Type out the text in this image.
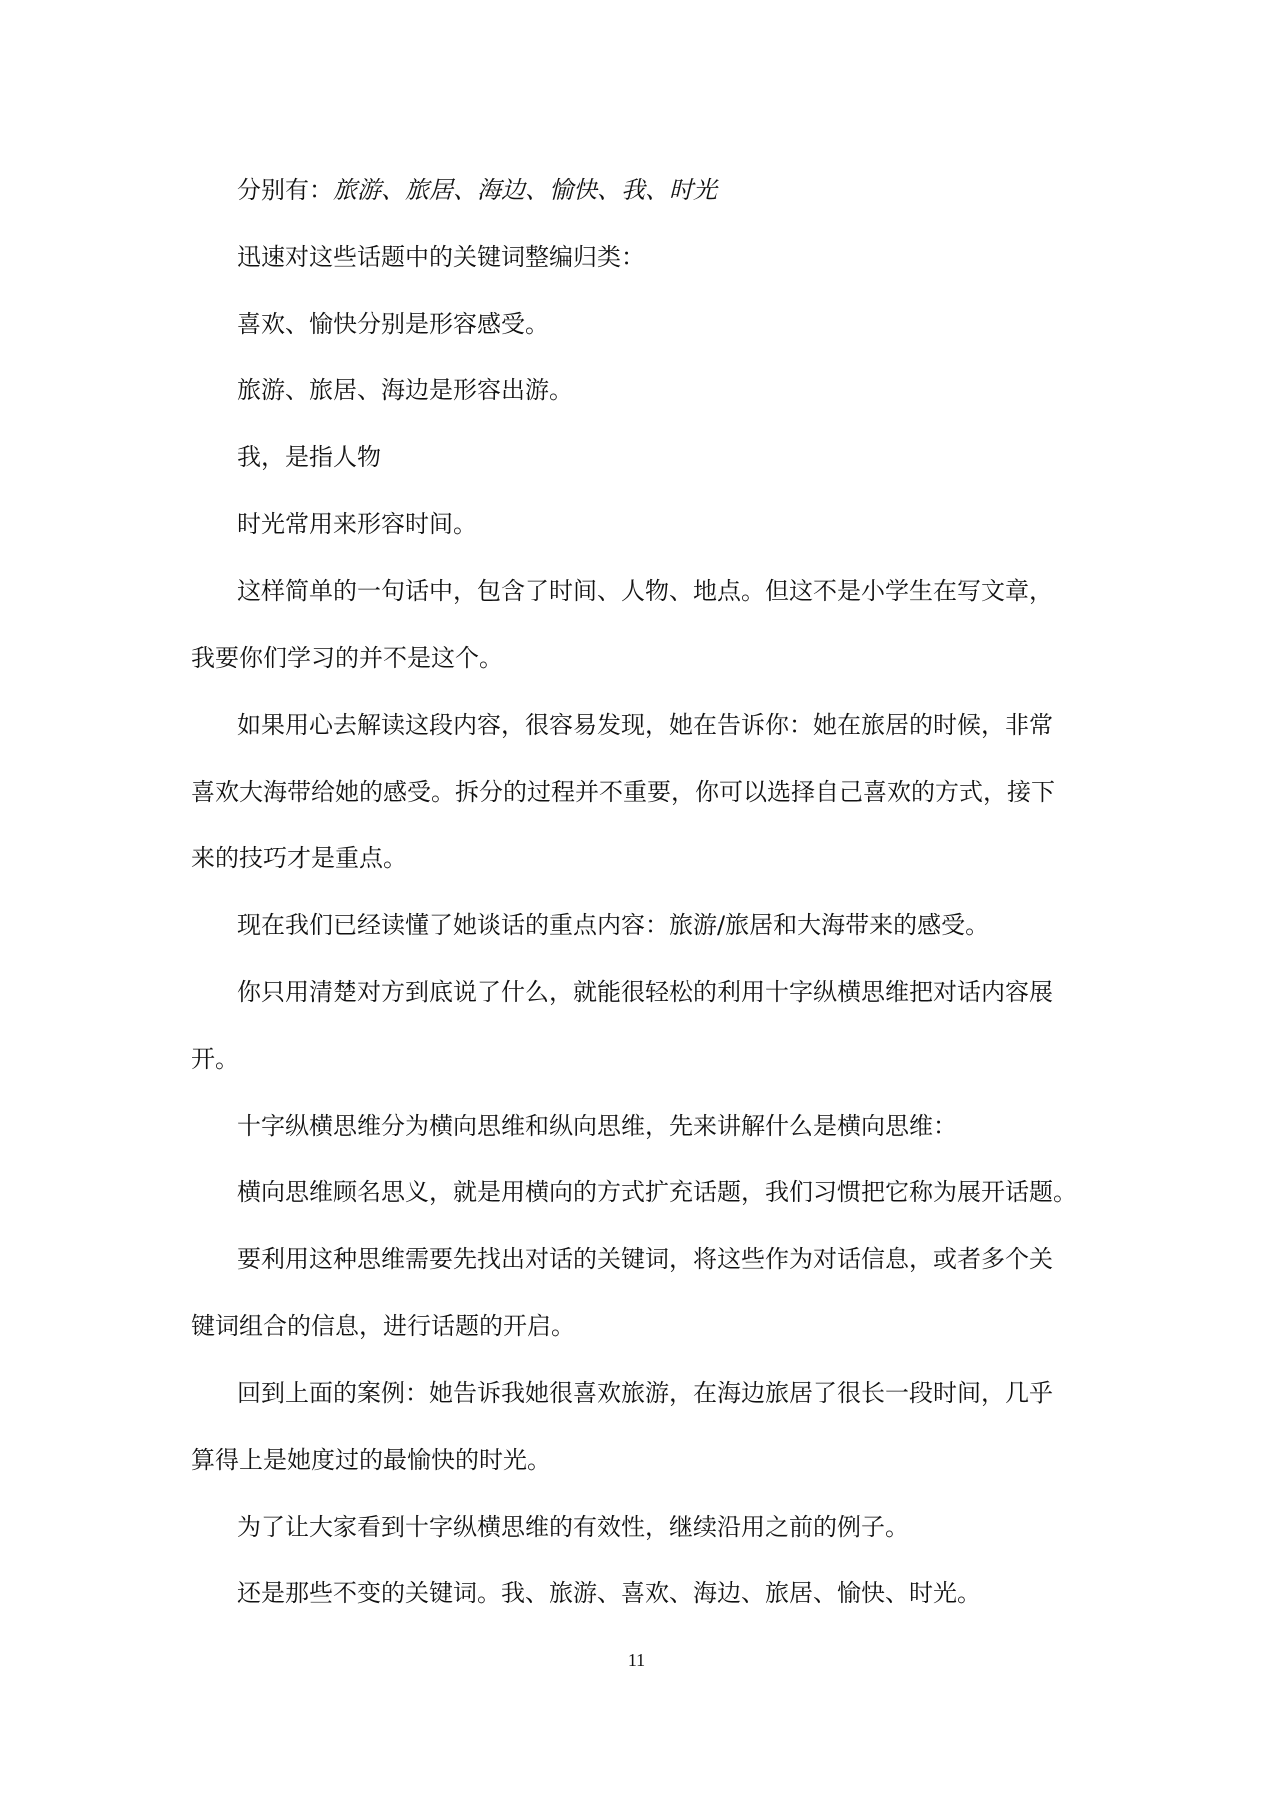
分别有：旅游、旅居、海边、愉快、我、时光
迅速对这些话题中的关键词整编归类：
喜欢、愉快分别是形容感受。
旅游、旅居、海边是形容出游。
我，是指人物
时光常用来形容时间。
这样简单的一句话中，包含了时间、人物、地点。但这不是小学生在写文章，
我要你们学习的并不是这个。
如果用心去解读这段内容，很容易发现，她在告诉你：她在旅居的时候，非常
喜欢大海带给她的感受。拆分的过程并不重要，你可以选择自己喜欢的方式，接下
来的技巧才是重点。
现在我们已经读懂了她谈话的重点内容：旅游/旅居和大海带来的感受。
你只用清楚对方到底说了什么，就能很轻松的利用十字纵横思维把对话内容展
开。
十字纵横思维分为横向思维和纵向思维，先来讲解什么是横向思维：
横向思维顾名思义，就是用横向的方式扩充话题，我们习惯把它称为展开话题。
要利用这种思维需要先找出对话的关键词，将这些作为对话信息，或者多个关
键词组合的信息，进行话题的开启。
回到上面的案例：她告诉我她很喜欢旅游，在海边旅居了很长一段时间，几乎
算得上是她度过的最愉快的时光。
为了让大家看到十字纵横思维的有效性，继续沿用之前的例子。
还是那些不变的关键词。我、旅游、喜欢、海边、旅居、愉快、时光。
11
